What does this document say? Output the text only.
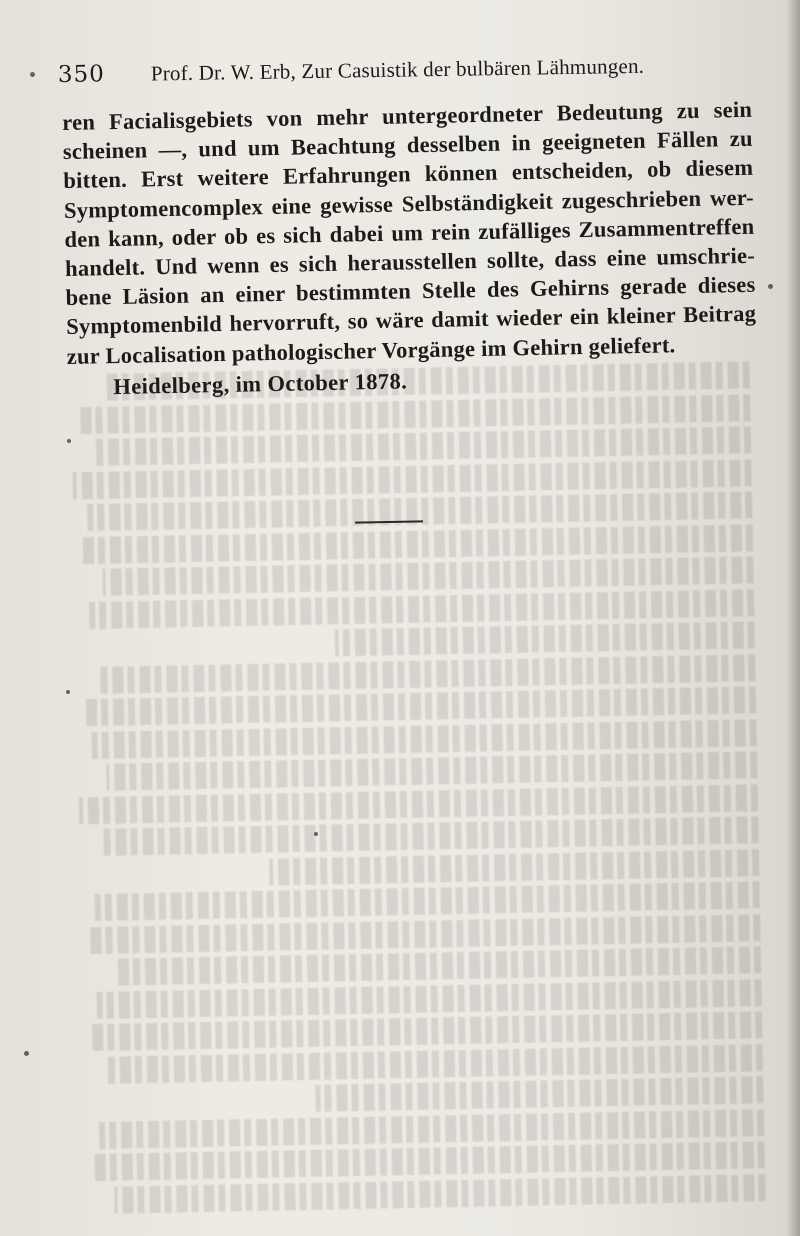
350 Prof. Dr. W. Erb, Zur Casuistik der bulbären Lähmungen.
ren Facialisgebiets von mehr untergeordneter Bedeutung zu sein
scheinen —, und um Beachtung desselben in geeigneten Fällen zu
bitten. Erst weitere Erfahrungen können entscheiden, ob diesem
Symptomencomplex eine gewisse Selbständigkeit zugeschrieben wer-
den kann, oder ob es sich dabei um rein zufälliges Zusammentreffen
handelt. Und wenn es sich herausstellen sollte, dass eine umschrie-
bene Läsion an einer bestimmten Stelle des Gehirns gerade dieses
Symptomenbild hervorruft, so wäre damit wieder ein kleiner Beitrag
zur Localisation pathologischer Vorgänge im Gehirn geliefert.
Heidelberg, im October 1878.
